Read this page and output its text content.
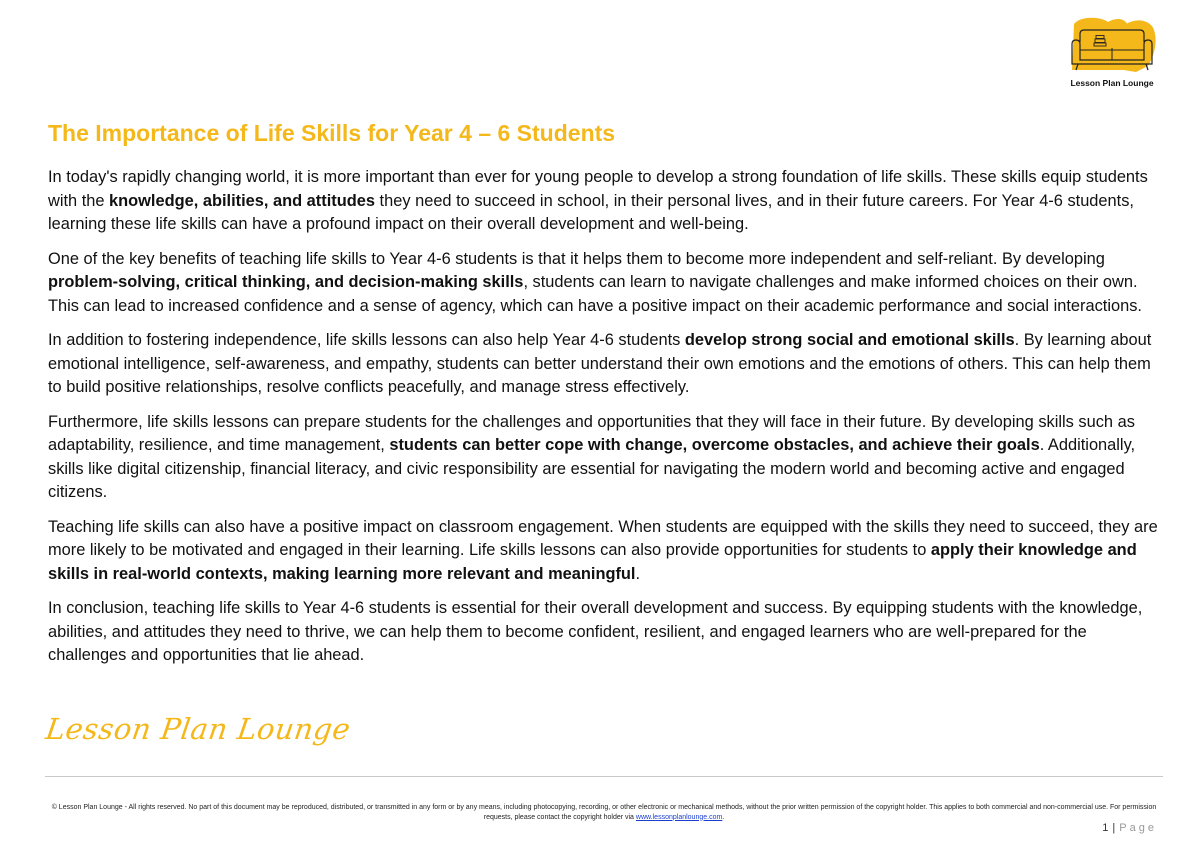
Lesson Plan Lounge
The Importance of Life Skills for Year 4 – 6 Students

In today's rapidly changing world, it is more important than ever for young people to develop a strong foundation of life skills. These skills equip students with the knowledge, abilities, and attitudes they need to succeed in school, in their personal lives, and in their future careers. For Year 4-6 students, learning these life skills can have a profound impact on their overall development and well-being.

One of the key benefits of teaching life skills to Year 4-6 students is that it helps them to become more independent and self-reliant. By developing problem-solving, critical thinking, and decision-making skills, students can learn to navigate challenges and make informed choices on their own. This can lead to increased confidence and a sense of agency, which can have a positive impact on their academic performance and social interactions.

In addition to fostering independence, life skills lessons can also help Year 4-6 students develop strong social and emotional skills. By learning about emotional intelligence, self-awareness, and empathy, students can better understand their own emotions and the emotions of others. This can help them to build positive relationships, resolve conflicts peacefully, and manage stress effectively.

Furthermore, life skills lessons can prepare students for the challenges and opportunities that they will face in their future. By developing skills such as adaptability, resilience, and time management, students can better cope with change, overcome obstacles, and achieve their goals. Additionally, skills like digital citizenship, financial literacy, and civic responsibility are essential for navigating the modern world and becoming active and engaged citizens.

Teaching life skills can also have a positive impact on classroom engagement. When students are equipped with the skills they need to succeed, they are more likely to be motivated and engaged in their learning. Life skills lessons can also provide opportunities for students to apply their knowledge and skills in real-world contexts, making learning more relevant and meaningful.

In conclusion, teaching life skills to Year 4-6 students is essential for their overall development and success. By equipping students with the knowledge, abilities, and attitudes they need to thrive, we can help them to become confident, resilient, and engaged learners who are well-prepared for the challenges and opportunities that lie ahead.

Lesson Plan Lounge
© Lesson Plan Lounge - All rights reserved. No part of this document may be reproduced, distributed, or transmitted in any form or by any means, including photocopying, recording, or other electronic or mechanical methods, without the prior written permission of the copyright holder. This applies to both commercial and non-commercial use. For permission requests, please contact the copyright holder via www.lessonplanlounge.com.
1 | Page
